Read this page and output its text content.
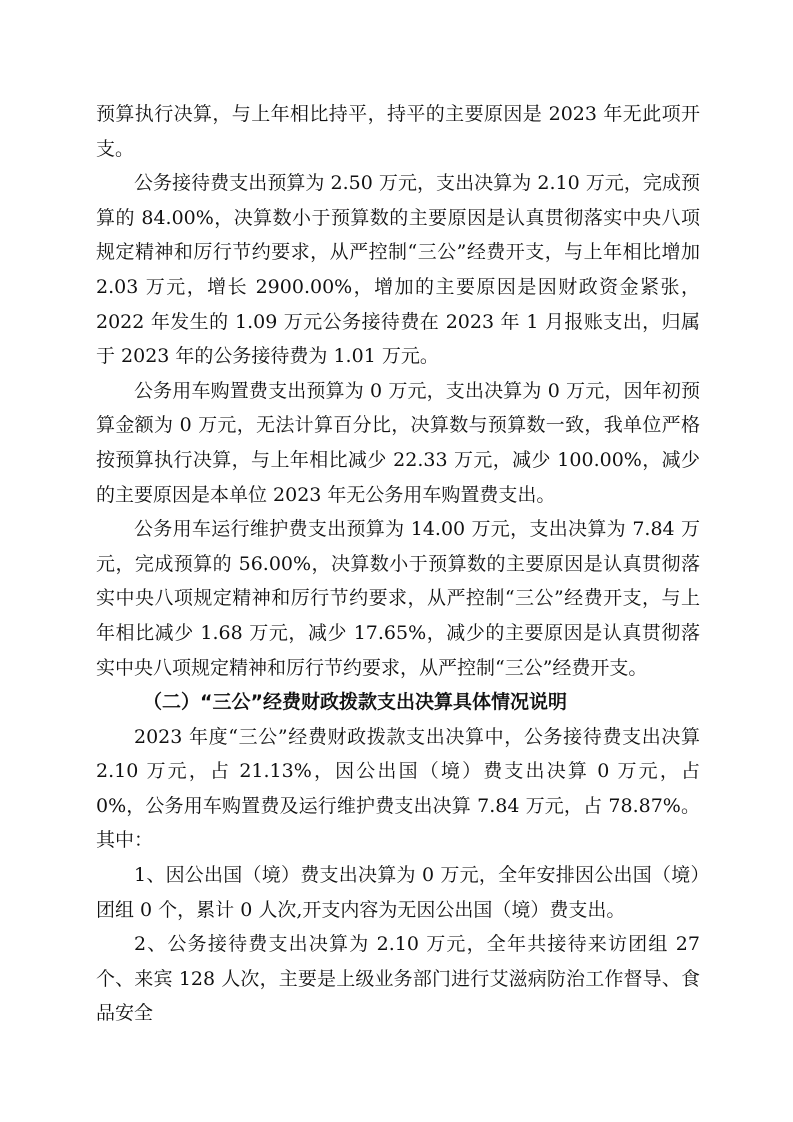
预算执行决算，与上年相比持平，持平的主要原因是 2023 年无此项开支。

公务接待费支出预算为 2.50 万元，支出决算为 2.10 万元，完成预算的 84.00%，决算数小于预算数的主要原因是认真贯彻落实中央八项规定精神和厉行节约要求，从严控制“三公”经费开支，与上年相比增加 2.03 万元，增长 2900.00%，增加的主要原因是因财政资金紧张，2022 年发生的 1.09 万元公务接待费在 2023 年 1 月报账支出，归属于 2023 年的公务接待费为 1.01 万元。

公务用车购置费支出预算为 0 万元，支出决算为 0 万元，因年初预算金额为 0 万元，无法计算百分比，决算数与预算数一致，我单位严格按预算执行决算，与上年相比减少 22.33 万元，减少 100.00%，减少的主要原因是本单位 2023 年无公务用车购置费支出。

公务用车运行维护费支出预算为 14.00 万元，支出决算为 7.84 万元，完成预算的 56.00%，决算数小于预算数的主要原因是认真贯彻落实中央八项规定精神和厉行节约要求，从严控制“三公”经费开支，与上年相比减少 1.68 万元，减少 17.65%，减少的主要原因是认真贯彻落实中央八项规定精神和厉行节约要求，从严控制“三公”经费开支。

（二）“三公”经费财政拨款支出决算具体情况说明

2023 年度“三公”经费财政拨款支出决算中，公务接待费支出决算 2.10 万元，占 21.13%，因公出国（境）费支出决算 0 万元，占 0%，公务用车购置费及运行维护费支出决算 7.84 万元，占 78.87%。其中：

1、因公出国（境）费支出决算为 0 万元，全年安排因公出国（境）团组 0 个，累计 0 人次,开支内容为无因公出国（境）费支出。

2、公务接待费支出决算为 2.10 万元，全年共接待来访团组 27 个、来宾 128 人次，主要是上级业务部门进行艾滋病防治工作督导、食品安全
